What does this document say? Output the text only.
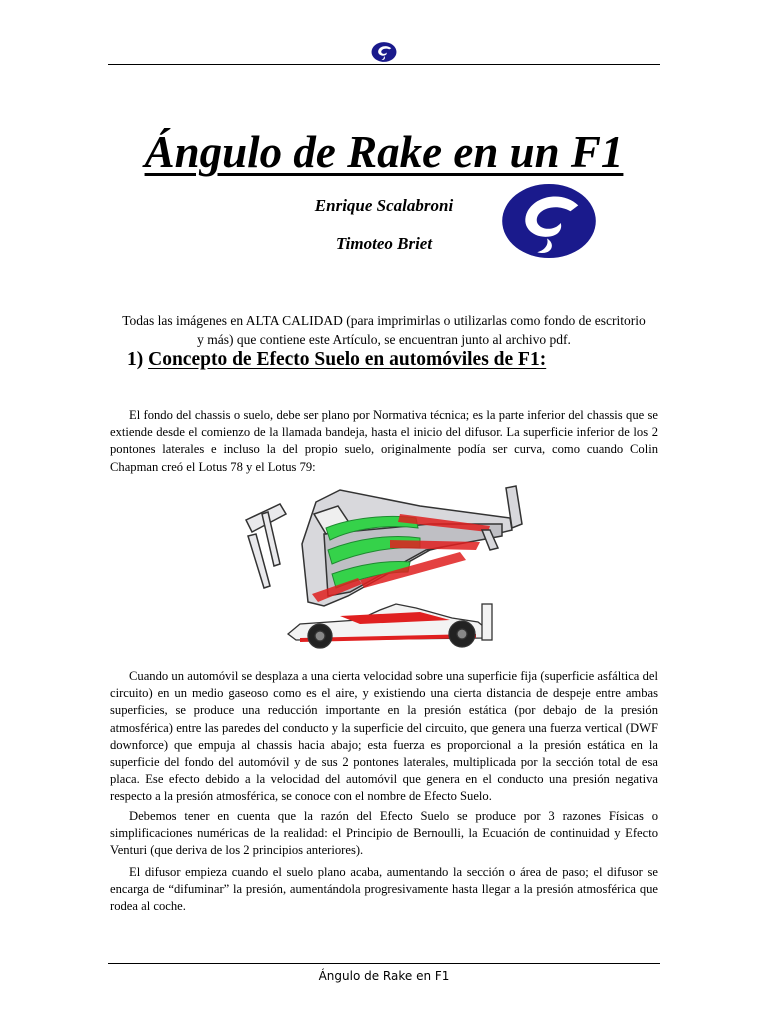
Ángulo de Rake en un F1
Enrique Scalabroni
Timoteo Briet

Todas las imágenes en ALTA CALIDAD (para imprimirlas o utilizarlas como fondo de escritorio y más) que contiene este Artículo, se encuentran junto al archivo pdf.

1) Concepto de Efecto Suelo en automóviles de F1:

El fondo del chassis o suelo, debe ser plano por Normativa técnica; es la parte inferior del chassis que se extiende desde el comienzo de la llamada bandeja, hasta el inicio del difusor. La superficie inferior de los 2 pontones laterales e incluso la del propio suelo, originalmente podía ser curva, como cuando Colin Chapman creó el Lotus 78 y el Lotus 79:

Cuando un automóvil se desplaza a una cierta velocidad sobre una superficie fija (superficie asfáltica del circuito) en un medio gaseoso como es el aire, y existiendo una cierta distancia de despeje entre ambas superficies, se produce una reducción importante en la presión estática (por debajo de la presión atmosférica) entre las paredes del conducto y la superficie del circuito, que genera una fuerza vertical (DWF downforce) que empuja al chassis hacia abajo; esta fuerza es proporcional a la presión estática en la superficie del fondo del automóvil y de sus 2 pontones laterales, multiplicada por la sección total de esa placa. Ese efecto debido a la velocidad del automóvil que genera en el conducto una presión negativa respecto a la presión atmosférica, se conoce con el nombre de Efecto Suelo.

Debemos tener en cuenta que la razón del Efecto Suelo se produce por 3 razones Físicas o simplificaciones numéricas de la realidad: el Principio de Bernoulli, la Ecuación de continuidad y Efecto Venturi (que deriva de los 2 principios anteriores).

El difusor empieza cuando el suelo plano acaba, aumentando la sección o área de paso; el difusor se encarga de “difuminar” la presión, aumentándola progresivamente hasta llegar a la presión atmosférica que rodea al coche.

Ángulo de Rake en F1
